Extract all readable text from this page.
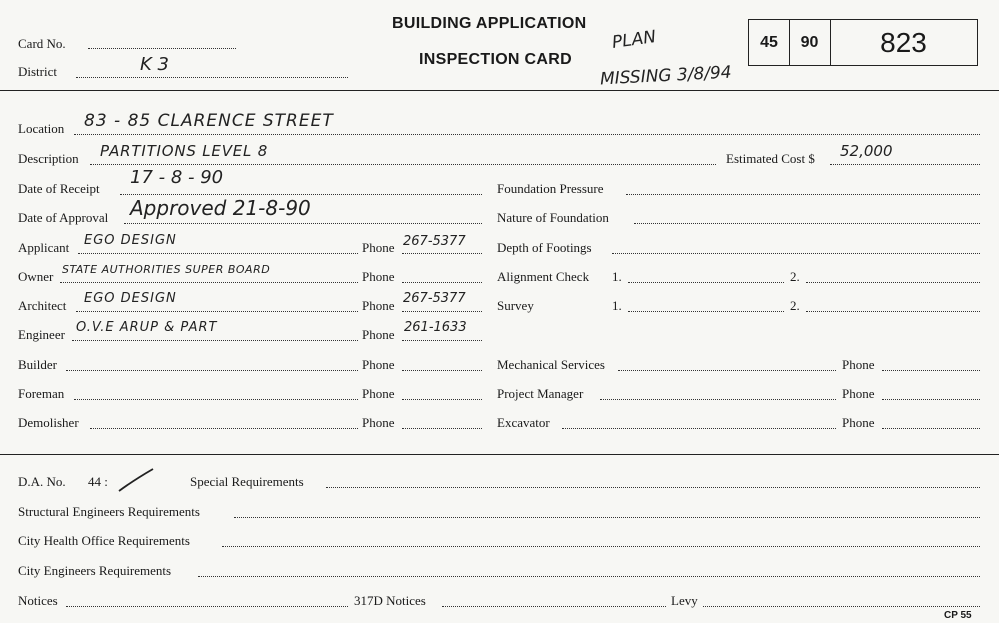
Card No.
District	K 3
BUILDING APPLICATION
INSPECTION CARD
PLAN
MISSING 3/8/94
45	90	823
Location 83 - 85 CLARENCE STREET
Description PARTITIONS LEVEL 8	Estimated Cost $ 52,000
Date of Receipt
17 - 8 - 90
Date of Approval Approved 21-8-90
Applicant EGO DESIGN	Phone 267-5377
Owner STATE AUTHORITIES SUPER BOARD	Phone
Architect EGO DESIGN	Phone 267-5377
Engineer O.V.E ARUP & PART	Phone 261-1633
Builder	Phone
Foreman	Phone
Demolisher	Phone
Foundation Pressure
Nature of Foundation
Depth of Footings
Alignment Check 1.	2.
Survey	1.	2.
Mechanical Services	Phone
Project Manager	Phone
Excavator	Phone
D.A. No. 44 :	Special Requirements
Structural Engineers Requirements
City Health Office Requirements
City Engineers Requirements
Notices	317D Notices	Levy
CP 55
